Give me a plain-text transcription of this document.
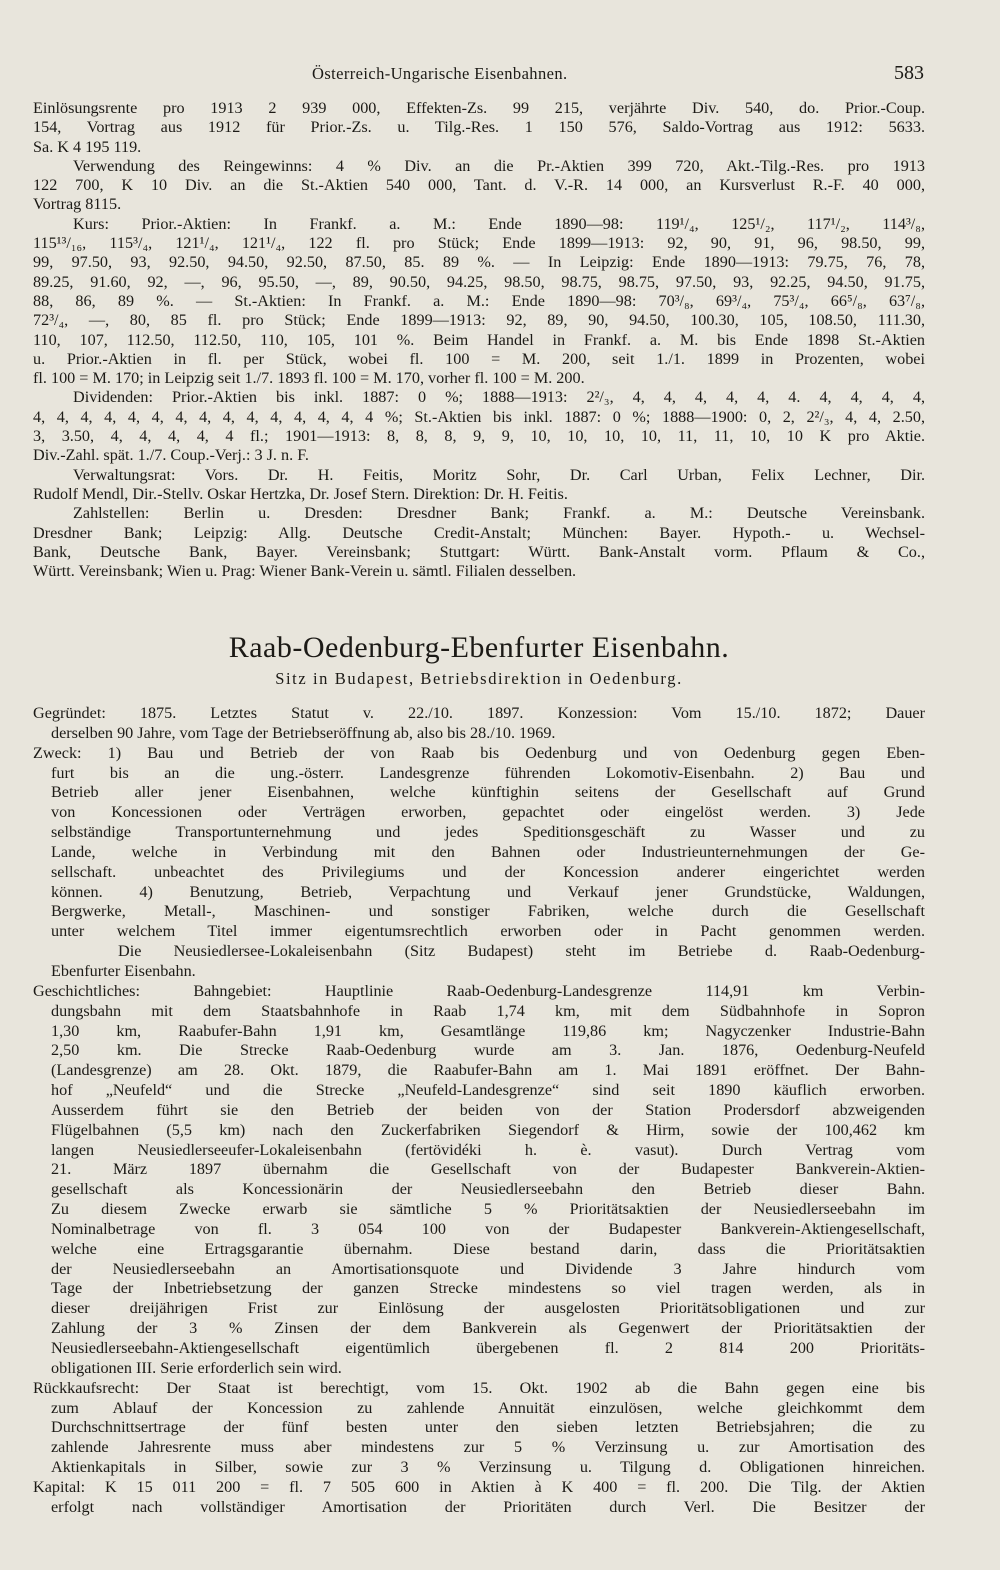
Österreich-Ungarische Eisenbahnen.	583
Einlösungsrente pro 1913 2 939 000, Effekten-Zs. 99 215, verjährte Div. 540, do. Prior.-Coup.
154, Vortrag aus 1912 für Prior.-Zs. u. Tilg.-Res. 1 150 576, Saldo-Vortrag aus 1912: 5633.
Sa. K 4 195 119.
Verwendung des Reingewinns: 4 % Div. an die Pr.-Aktien 399 720, Akt.-Tilg.-Res. pro 1913
122 700, K 10 Div. an die St.-Aktien 540 000, Tant. d. V.-R. 14 000, an Kursverlust R.-F. 40 000,
Vortrag 8115.
Kurs: Prior.-Aktien: In Frankf. a. M.: Ende 1890—98: 119¹/₄, 125¹/₂, 117¹/₂, 114³/₈,
115¹³/₁₆, 115³/₄, 121¹/₄, 121¹/₄, 122 fl. pro Stück; Ende 1899—1913: 92, 90, 91, 96, 98.50, 99,
99, 97.50, 93, 92.50, 94.50, 92.50, 87.50, 85. 89 %. — In Leipzig: Ende 1890—1913: 79.75, 76, 78,
89.25, 91.60, 92, —, 96, 95.50, —, 89, 90.50, 94.25, 98.50, 98.75, 98.75, 97.50, 93, 92.25, 94.50, 91.75,
88, 86, 89 %. — St.-Aktien: In Frankf. a. M.: Ende 1890—98: 70³/₈, 69³/₄, 75³/₄, 66⁵/₈, 63⁷/₈,
72³/₄, —, 80, 85 fl. pro Stück; Ende 1899—1913: 92, 89, 90, 94.50, 100.30, 105, 108.50, 111.30,
110, 107, 112.50, 112.50, 110, 105, 101 %. Beim Handel in Frankf. a. M. bis Ende 1898 St.-Aktien
u. Prior.-Aktien in fl. per Stück, wobei fl. 100 = M. 200, seit 1./1. 1899 in Prozenten, wobei
fl. 100 = M. 170; in Leipzig seit 1./7. 1893 fl. 100 = M. 170, vorher fl. 100 = M. 200.
Dividenden: Prior.-Aktien bis inkl. 1887: 0 %; 1888—1913: 2²/₃, 4, 4, 4, 4, 4, 4. 4, 4, 4, 4,
4, 4, 4, 4, 4, 4, 4, 4, 4, 4, 4, 4, 4, 4, 4 %; St.-Aktien bis inkl. 1887: 0 %; 1888—1900: 0, 2, 2²/₃, 4, 4, 2.50,
3, 3.50, 4, 4, 4, 4, 4 fl.; 1901—1913: 8, 8, 8, 9, 9, 10, 10, 10, 10, 11, 11, 10, 10 K pro Aktie.
Div.-Zahl. spät. 1./7. Coup.-Verj.: 3 J. n. F.
Verwaltungsrat: Vors. Dr. H. Feitis, Moritz Sohr, Dr. Carl Urban, Felix Lechner, Dir.
Rudolf Mendl, Dir.-Stellv. Oskar Hertzka, Dr. Josef Stern. Direktion: Dr. H. Feitis.
Zahlstellen: Berlin u. Dresden: Dresdner Bank; Frankf. a. M.: Deutsche Vereinsbank.
Dresdner Bank; Leipzig: Allg. Deutsche Credit-Anstalt; München: Bayer. Hypoth.- u. Wechsel-
Bank, Deutsche Bank, Bayer. Vereinsbank; Stuttgart: Württ. Bank-Anstalt vorm. Pflaum & Co.,
Württ. Vereinsbank; Wien u. Prag: Wiener Bank-Verein u. sämtl. Filialen desselben.
Gegründet: 1875. Letztes Statut v. 22./10. 1897. Konzession: Vom 15./10. 1872; Dauer
derselben 90 Jahre, vom Tage der Betriebseröffnung ab, also bis 28./10. 1969.
Zweck: 1) Bau und Betrieb der von Raab bis Oedenburg und von Oedenburg gegen Eben-
furt bis an die ung.-österr. Landesgrenze führenden Lokomotiv-Eisenbahn. 2) Bau und
Betrieb aller jener Eisenbahnen, welche künftighin seitens der Gesellschaft auf Grund
von Koncessionen oder Verträgen erworben, gepachtet oder eingelöst werden. 3) Jede
selbständige Transportunternehmung und jedes Speditionsgeschäft zu Wasser und zu
Lande, welche in Verbindung mit den Bahnen oder Industrieunternehmungen der Ge-
sellschaft. unbeachtet des Privilegiums und der Koncession anderer eingerichtet werden
können. 4) Benutzung, Betrieb, Verpachtung und Verkauf jener Grundstücke, Waldungen,
Bergwerke, Metall-, Maschinen- und sonstiger Fabriken, welche durch die Gesellschaft
unter welchem Titel immer eigentumsrechtlich erworben oder in Pacht genommen werden.
Die Neusiedlersee-Lokaleisenbahn (Sitz Budapest) steht im Betriebe d. Raab-Oedenburg-
Ebenfurter Eisenbahn.
Geschichtliches: Bahngebiet: Hauptlinie Raab-Oedenburg-Landesgrenze 114,91 km Verbin-
dungsbahn mit dem Staatsbahnhofe in Raab 1,74 km, mit dem Südbahnhofe in Sopron
1,30 km, Raabufer-Bahn 1,91 km, Gesamtlänge 119,86 km; Nagyczenker Industrie-Bahn
2,50 km. Die Strecke Raab-Oedenburg wurde am 3. Jan. 1876, Oedenburg-Neufeld
(Landesgrenze) am 28. Okt. 1879, die Raabufer-Bahn am 1. Mai 1891 eröffnet. Der Bahn-
hof „Neufeld“ und die Strecke „Neufeld-Landesgrenze“ sind seit 1890 käuflich erworben.
Ausserdem führt sie den Betrieb der beiden von der Station Prodersdorf abzweigenden
Flügelbahnen (5,5 km) nach den Zuckerfabriken Siegendorf & Hirm, sowie der 100,462 km
langen Neusiedlerseeufer-Lokaleisenbahn (fertövidéki h. è. vasut). Durch Vertrag vom
21. März 1897 übernahm die Gesellschaft von der Budapester Bankverein-Aktien-
gesellschaft als Koncessionärin der Neusiedlerseebahn den Betrieb dieser Bahn.
Zu diesem Zwecke erwarb sie sämtliche 5 % Prioritätsaktien der Neusiedlerseebahn im
Nominalbetrage von fl. 3 054 100 von der Budapester Bankverein-Aktiengesellschaft,
welche eine Ertragsgarantie übernahm. Diese bestand darin, dass die Prioritätsaktien
der Neusiedlerseebahn an Amortisationsquote und Dividende 3 Jahre hindurch vom
Tage der Inbetriebsetzung der ganzen Strecke mindestens so viel tragen werden, als in
dieser dreijährigen Frist zur Einlösung der ausgelosten Prioritätsobligationen und zur
Zahlung der 3 % Zinsen der dem Bankverein als Gegenwert der Prioritätsaktien der
Neusiedlerseebahn-Aktiengesellschaft eigentümlich übergebenen fl. 2 814 200 Prioritäts-
obligationen III. Serie erforderlich sein wird.
Rückkaufsrecht: Der Staat ist berechtigt, vom 15. Okt. 1902 ab die Bahn gegen eine bis
zum Ablauf der Koncession zu zahlende Annuität einzulösen, welche gleichkommt dem
Durchschnittsertrage der fünf besten unter den sieben letzten Betriebsjahren; die zu
zahlende Jahresrente muss aber mindestens zur 5 % Verzinsung u. zur Amortisation des
Aktienkapitals in Silber, sowie zur 3 % Verzinsung u. Tilgung d. Obligationen hinreichen.
Kapital: K 15 011 200 = fl. 7 505 600 in Aktien à K 400 = fl. 200. Die Tilg. der Aktien
erfolgt nach vollständiger Amortisation der Prioritäten durch Verl. Die Besitzer der
Raab-Oedenburg-Ebenfurter Eisenbahn.
Sitz in Budapest, Betriebsdirektion in Oedenburg.
